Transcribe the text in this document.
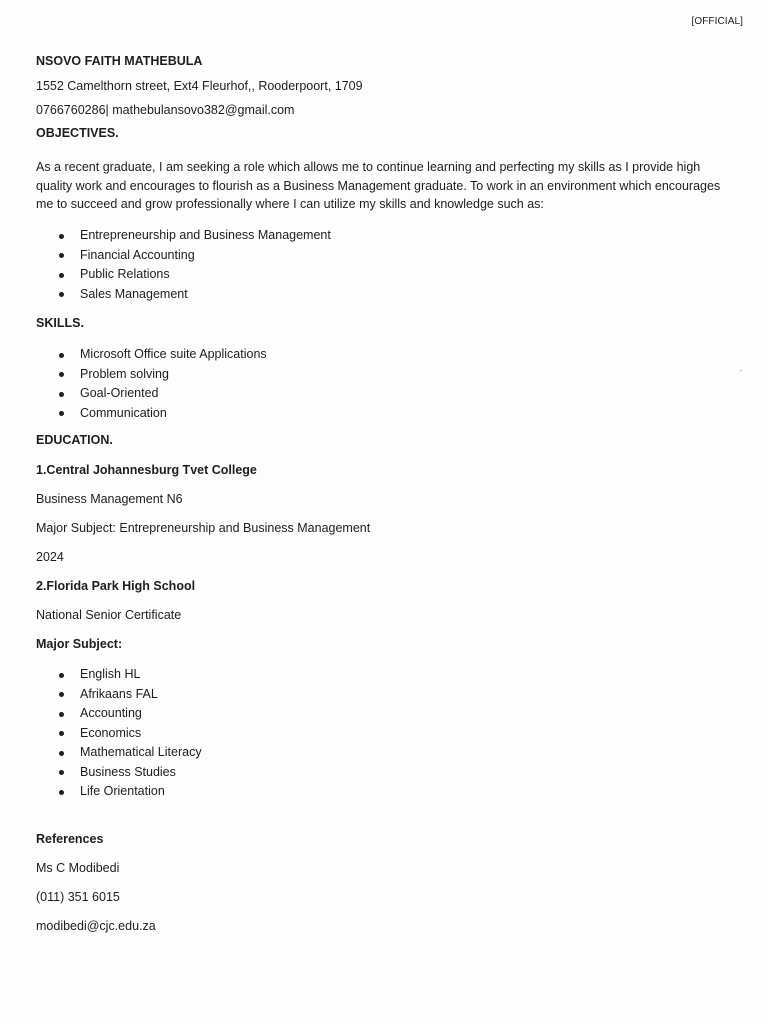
[OFFICIAL]
NSOVO FAITH MATHEBULA
1552 Camelthorn street, Ext4 Fleurhof,, Rooderpoort, 1709
0766760286| mathebulansovo382@gmail.com
OBJECTIVES.
As a recent graduate, I am seeking a role which allows me to continue learning and perfecting my skills as I provide high quality work and encourages to flourish as a Business Management graduate. To work in an environment which encourages me to succeed and grow professionally where I can utilize my skills and knowledge such as:
Entrepreneurship and Business Management
Financial Accounting
Public Relations
Sales Management
SKILLS.
Microsoft Office suite Applications
Problem solving
Goal-Oriented
Communication
EDUCATION.
1.Central Johannesburg Tvet College
Business Management N6
Major Subject: Entrepreneurship and Business Management
2024
2.Florida Park High School
National Senior Certificate
Major Subject:
English HL
Afrikaans FAL
Accounting
Economics
Mathematical Literacy
Business Studies
Life Orientation
References
Ms C Modibedi
(011) 351 6015
modibedi@cjc.edu.za
